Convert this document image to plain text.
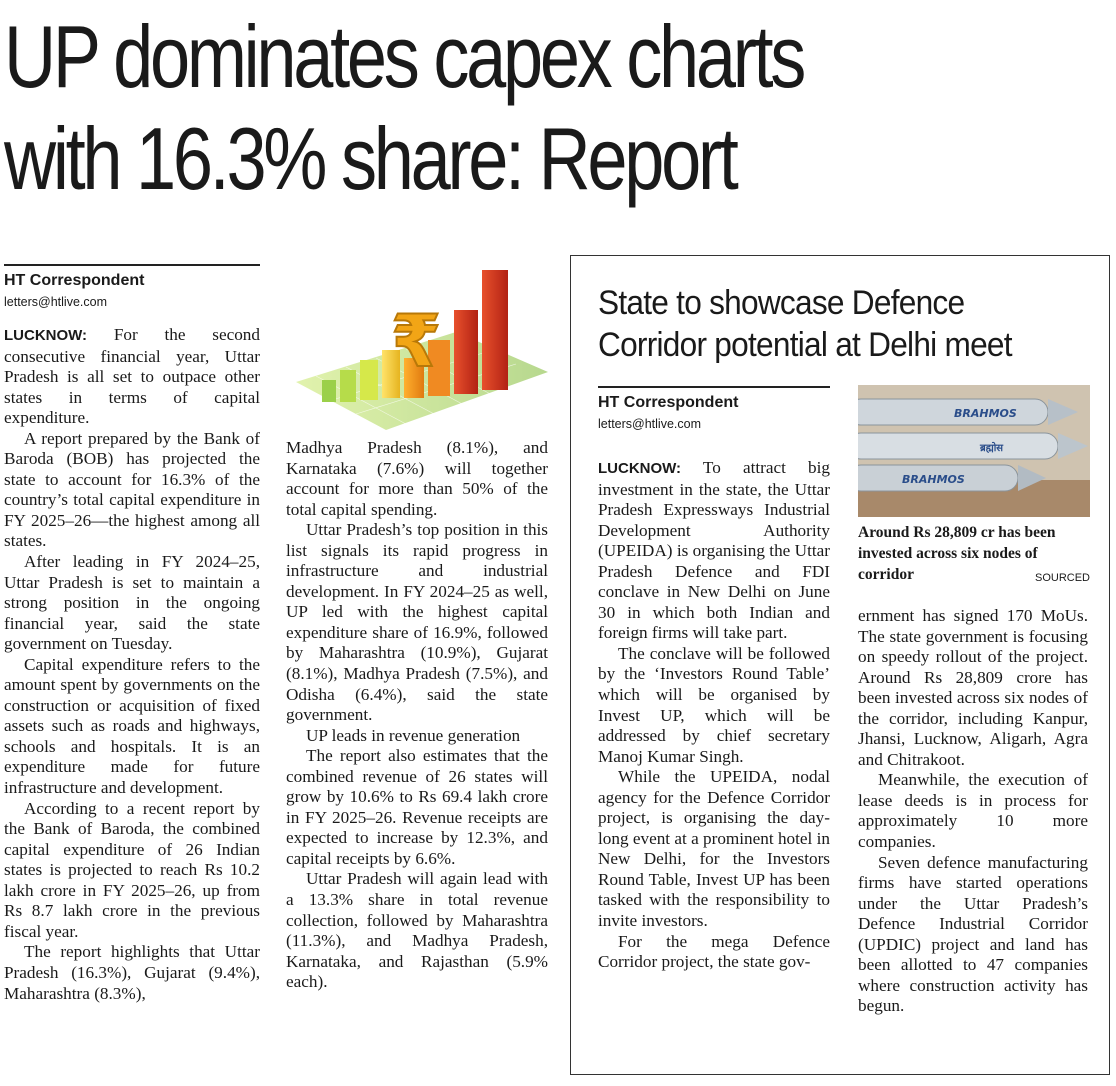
UP dominates capex charts
with 16.3% share: Report
HT Correspondent
letters@htlive.com

LUCKNOW: For the second consecutive financial year, Uttar Pradesh is all set to outpace other states in terms of capital expenditure.

A report prepared by the Bank of Baroda (BOB) has projected the state to account for 16.3% of the country’s total capital expenditure in FY 2025–26—the highest among all states.

After leading in FY 2024–25, Uttar Pradesh is set to maintain a strong position in the ongoing financial year, said the state government on Tuesday.

Capital expenditure refers to the amount spent by governments on the construction or acquisition of fixed assets such as roads and highways, schools and hospitals. It is an expenditure made for future infrastructure and development.

According to a recent report by the Bank of Baroda, the combined capital expenditure of 26 Indian states is projected to reach Rs 10.2 lakh crore in FY 2025–26, up from Rs 8.7 lakh crore in the previous fiscal year.

The report highlights that Uttar Pradesh (16.3%), Gujarat (9.4%), Maharashtra (8.3%),

₹

Madhya Pradesh (8.1%), and Karnataka (7.6%) will together account for more than 50% of the total capital spending.

Uttar Pradesh’s top position in this list signals its rapid progress in infrastructure and industrial development. In FY 2024–25 as well, UP led with the highest capital expenditure share of 16.9%, followed by Maharashtra (10.9%), Gujarat (8.1%), Madhya Pradesh (7.5%), and Odisha (6.4%), said the state government.

UP leads in revenue generation

The report also estimates that the combined revenue of 26 states will grow by 10.6% to Rs 69.4 lakh crore in FY 2025–26. Revenue receipts are expected to increase by 12.3%, and capital receipts by 6.6%.

Uttar Pradesh will again lead with a 13.3% share in total revenue collection, followed by Maharashtra (11.3%), and Madhya Pradesh, Karnataka, and Rajasthan (5.9% each).

State to showcase Defence
Corridor potential at Delhi meet
HT Correspondent
letters@htlive.com

LUCKNOW: To attract big investment in the state, the Uttar Pradesh Expressways Industrial Development Authority (UPEIDA) is organising the Uttar Pradesh Defence and FDI conclave in New Delhi on June 30 in which both Indian and foreign firms will take part.

The conclave will be followed by the ‘Investors Round Table’ which will be organised by Invest UP, which will be addressed by chief secretary Manoj Kumar Singh.

While the UPEIDA, nodal agency for the Defence Corridor project, is organising the day-long event at a prominent hotel in New Delhi, for the Investors Round Table, Invest UP has been tasked with the responsibility to invite investors.

For the mega Defence Corridor project, the state gov-

BRAHMOS
BRAHMOS
ब्रह्मोस
Around Rs 28,809 cr has been invested across six nodes of corridor	SOURCED

ernment has signed 170 MoUs. The state government is focusing on speedy rollout of the project. Around Rs 28,809 crore has been invested across six nodes of the corridor, including Kanpur, Jhansi, Lucknow, Aligarh, Agra and Chitrakoot.

Meanwhile, the execution of lease deeds is in process for approximately 10 more companies.

Seven defence manufacturing firms have started operations under the Uttar Pradesh’s Defence Industrial Corridor (UPDIC) project and land has been allotted to 47 companies where construction activity has begun.
